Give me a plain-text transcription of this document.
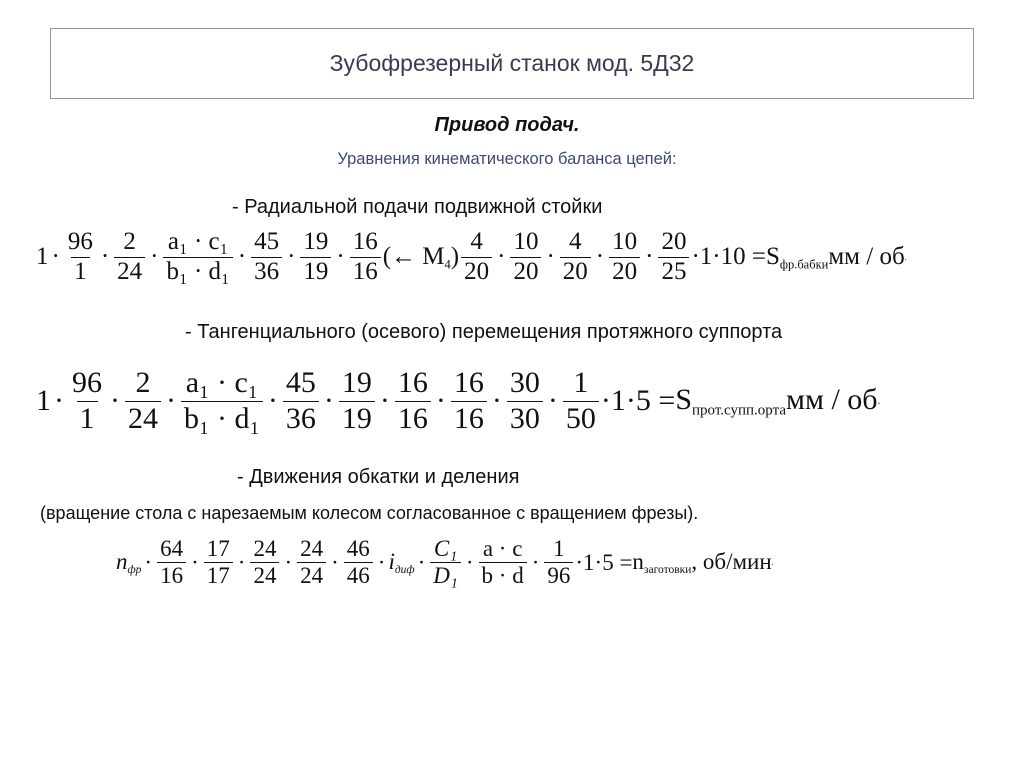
Зубофрезерный станок мод. 5Д32
Привод подач.
Уравнения кинематического баланса цепей:
- Радиальной подачи подвижной стойки
$1 \cdot \frac{96}{1} \cdot \frac{2}{24} \cdot \frac{\text{a₁ · c₁}}{\text{b₁ · d₁}} \cdot \frac{45}{36} \cdot \frac{19}{19} \cdot \frac{16}{16}$ (← $M_4) \frac{4}{20} \cdot \frac{10}{20} \cdot \frac{4}{20} \cdot \frac{10}{20} \cdot \frac{20}{25} \cdot 1\cdot 10 = S_{фр.бабки}мм$ / об .
- Тангенциального (осевого) перемещения протяжного суппорта
$1 \cdot \frac{96}{1} \cdot \frac{2}{24} \cdot \frac{\text{a₁ · c₁}}{\text{b₁ · d₁}} \cdot \frac{45}{36} \cdot \frac{19}{19} \cdot \frac{16}{16} \cdot \frac{16}{16} \cdot \frac{30}{30} \cdot \frac{1}{50} \cdot 1\cdot 5 = S_{прот.супп.орта}мм$ / об .
- Движения обкатки и деления
(вращение стола с нарезаемым колесом согласованное с вращением фрезы).
$n_{фр} \cdot \frac{64}{16} \cdot \frac{17}{17} \cdot \frac{24}{24} \cdot \frac{24}{24} \cdot \frac{46}{46} \cdot i_{диф} \cdot \frac{\text{C₁}}{\text{D₁}} \cdot \frac{a \cdot c}{b \cdot d} \cdot \frac{1}{96} \cdot 1\cdot 5 = n_{заготовки}$, об/мин .
